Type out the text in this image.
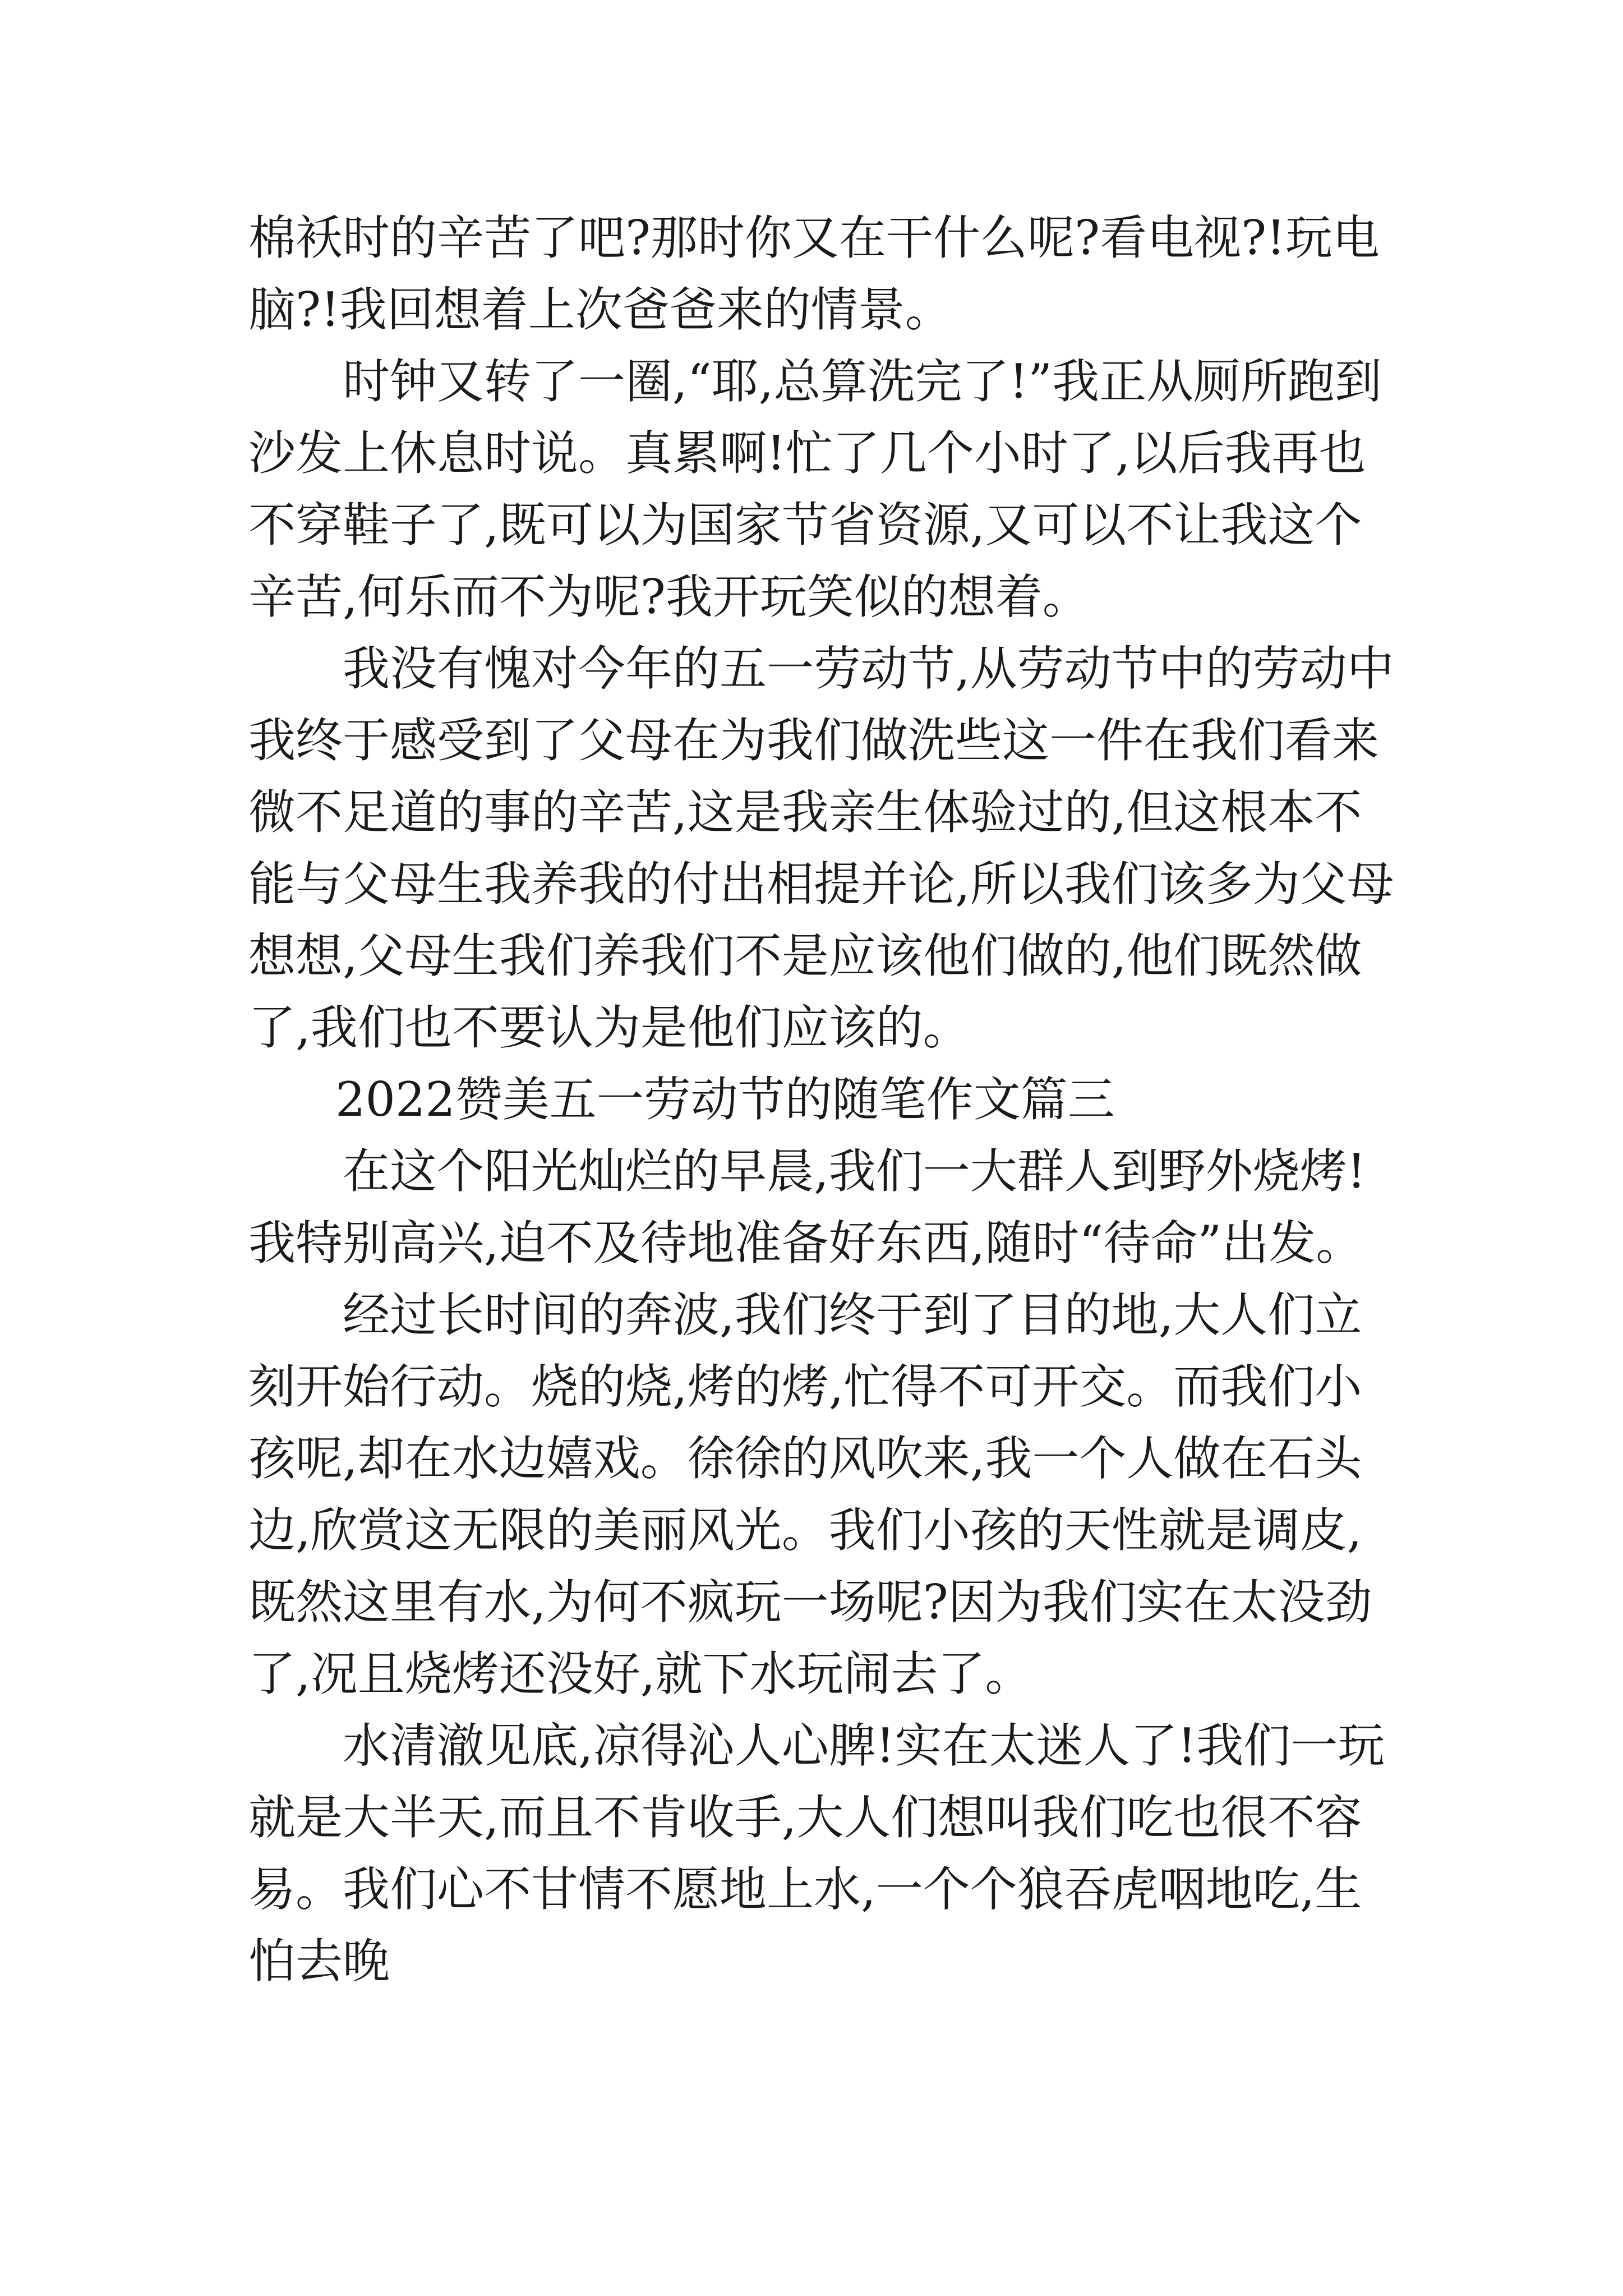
棉袄时的辛苦了吧?那时你又在干什么呢?看电视?!玩电脑?!我回想着上次爸爸来的情景。

时钟又转了一圈,“耶,总算洗完了!”我正从厕所跑到沙发上休息时说。真累啊!忙了几个小时了,以后我再也不穿鞋子了,既可以为国家节省资源,又可以不让我这个辛苦,何乐而不为呢?我开玩笑似的想着。

我没有愧对今年的五一劳动节,从劳动节中的劳动中我终于感受到了父母在为我们做洗些这一件在我们看来微不足道的事的辛苦,这是我亲生体验过的,但这根本不能与父母生我养我的付出相提并论,所以我们该多为父母想想,父母生我们养我们不是应该他们做的,他们既然做了,我们也不要认为是他们应该的。

2022赞美五一劳动节的随笔作文篇三

在这个阳光灿烂的早晨,我们一大群人到野外烧烤!我特别高兴,迫不及待地准备好东西,随时“待命”出发。

经过长时间的奔波,我们终于到了目的地,大人们立刻开始行动。烧的烧,烤的烤,忙得不可开交。而我们小孩呢,却在水边嬉戏。徐徐的风吹来,我一个人做在石头边,欣赏这无限的美丽风光。我们小孩的天性就是调皮,既然这里有水,为何不疯玩一场呢?因为我们实在太没劲了,况且烧烤还没好,就下水玩闹去了。

水清澈见底,凉得沁人心脾!实在太迷人了!我们一玩就是大半天,而且不肯收手,大人们想叫我们吃也很不容易。我们心不甘情不愿地上水,一个个狼吞虎咽地吃,生怕去晚
